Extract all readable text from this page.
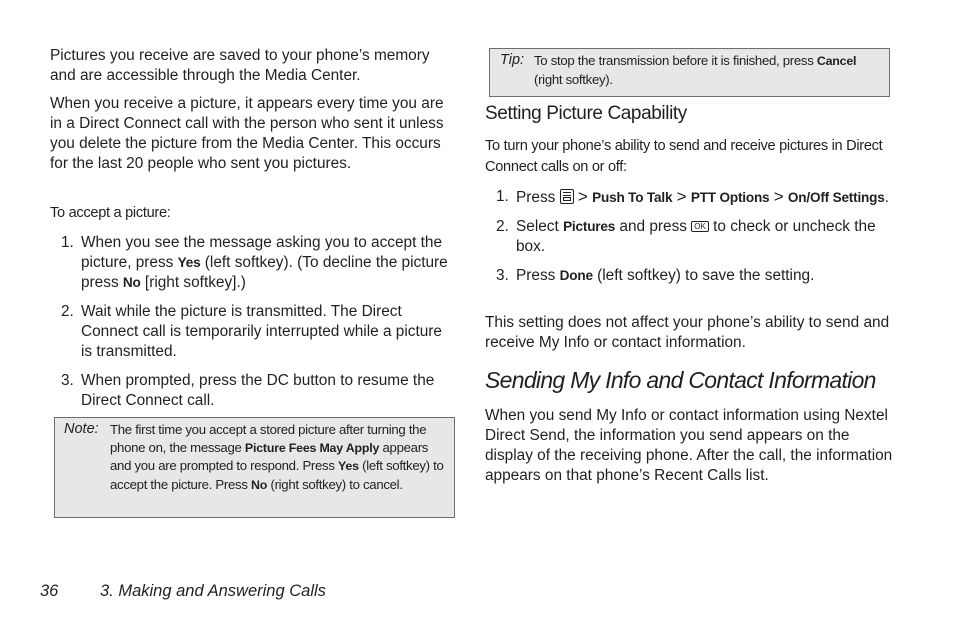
Pictures you receive are saved to your phone’s memory and are accessible through the Media Center.

When you receive a picture, it appears every time you are in a Direct Connect call with the person who sent it unless you delete the picture from the Media Center. This occurs for the last 20 people who sent you pictures.

To accept a picture:

1. When you see the message asking you to accept the picture, press Yes (left softkey). (To decline the picture press No [right softkey].)
2. Wait while the picture is transmitted. The Direct Connect call is temporarily interrupted while a picture is transmitted.
3. When prompted, press the DC button to resume the Direct Connect call.
Note: The first time you accept a stored picture after turning the phone on, the message Picture Fees May Apply appears and you are prompted to respond. Press Yes (left softkey) to accept the picture. Press No (right softkey) to cancel.
Tip: To stop the transmission before it is finished, press Cancel (right softkey).
Setting Picture Capability

To turn your phone’s ability to send and receive pictures in Direct Connect calls on or off:

1. Press  > Push To Talk > PTT Options > On/Off Settings.
2. Select Pictures and press OK to check or uncheck the box.
3. Press Done (left softkey) to save the setting.

This setting does not affect your phone’s ability to send and receive My Info or contact information.

Sending My Info and Contact Information

When you send My Info or contact information using Nextel Direct Send, the information you send appears on the display of the receiving phone. After the call, the information appears on that phone’s Recent Calls list.

36	3. Making and Answering Calls
